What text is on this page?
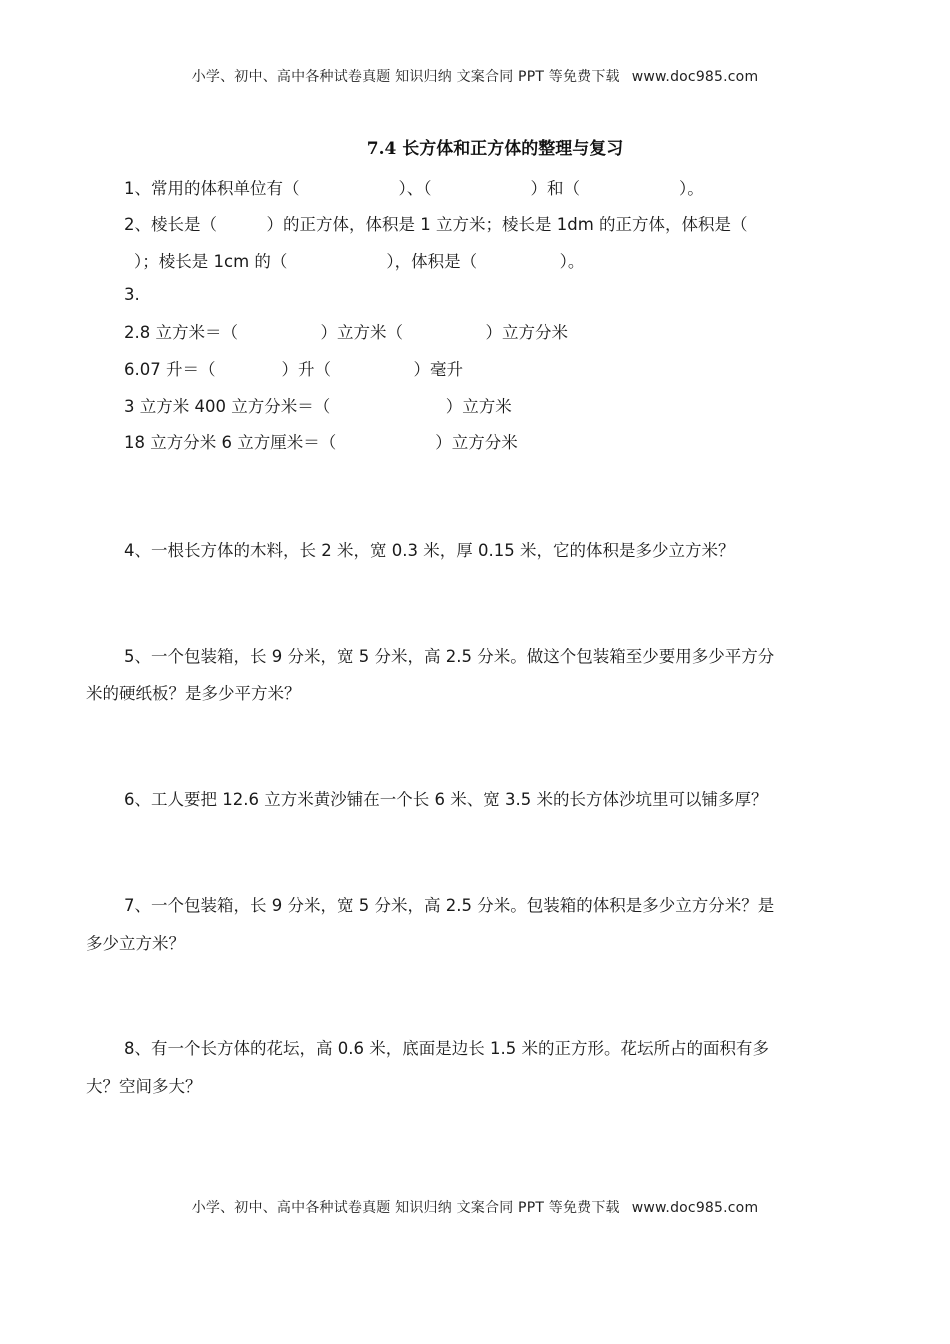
小学、初中、高中各种试卷真题 知识归纳 文案合同 PPT 等免费下载 www.doc985.com
7.4 长方体和正方体的整理与复习
1、常用的体积单位有（　　　　　　）、（　　　　　　）和（　　　　　　）。
2、棱长是（　　　）的正方体，体积是 1 立方米；棱长是 1dm 的正方体，体积是（
）；棱长是 1cm 的（　　　　　　），体积是（　　　　　）。
3.
2.8 立方米＝（　　　　　）立方米（　　　　　）立方分米
6.07 升＝（　　　　）升（　　　　　）毫升
3 立方米 400 立方分米＝（　　　　　　　）立方米
18 立方分米 6 立方厘米＝（　　　　　　）立方分米
4、一根长方体的木料，长 2 米，宽 0.3 米，厚 0.15 米，它的体积是多少立方米？
5、一个包装箱，长 9 分米，宽 5 分米，高 2.5 分米。做这个包装箱至少要用多少平方分
米的硬纸板？是多少平方米？
6、工人要把 12.6 立方米黄沙铺在一个长 6 米、宽 3.5 米的长方体沙坑里可以铺多厚？
7、一个包装箱，长 9 分米，宽 5 分米，高 2.5 分米。包装箱的体积是多少立方分米？是
多少立方米？
8、有一个长方体的花坛，高 0.6 米，底面是边长 1.5 米的正方形。花坛所占的面积有多
大？空间多大？
小学、初中、高中各种试卷真题 知识归纳 文案合同 PPT 等免费下载 www.doc985.com
